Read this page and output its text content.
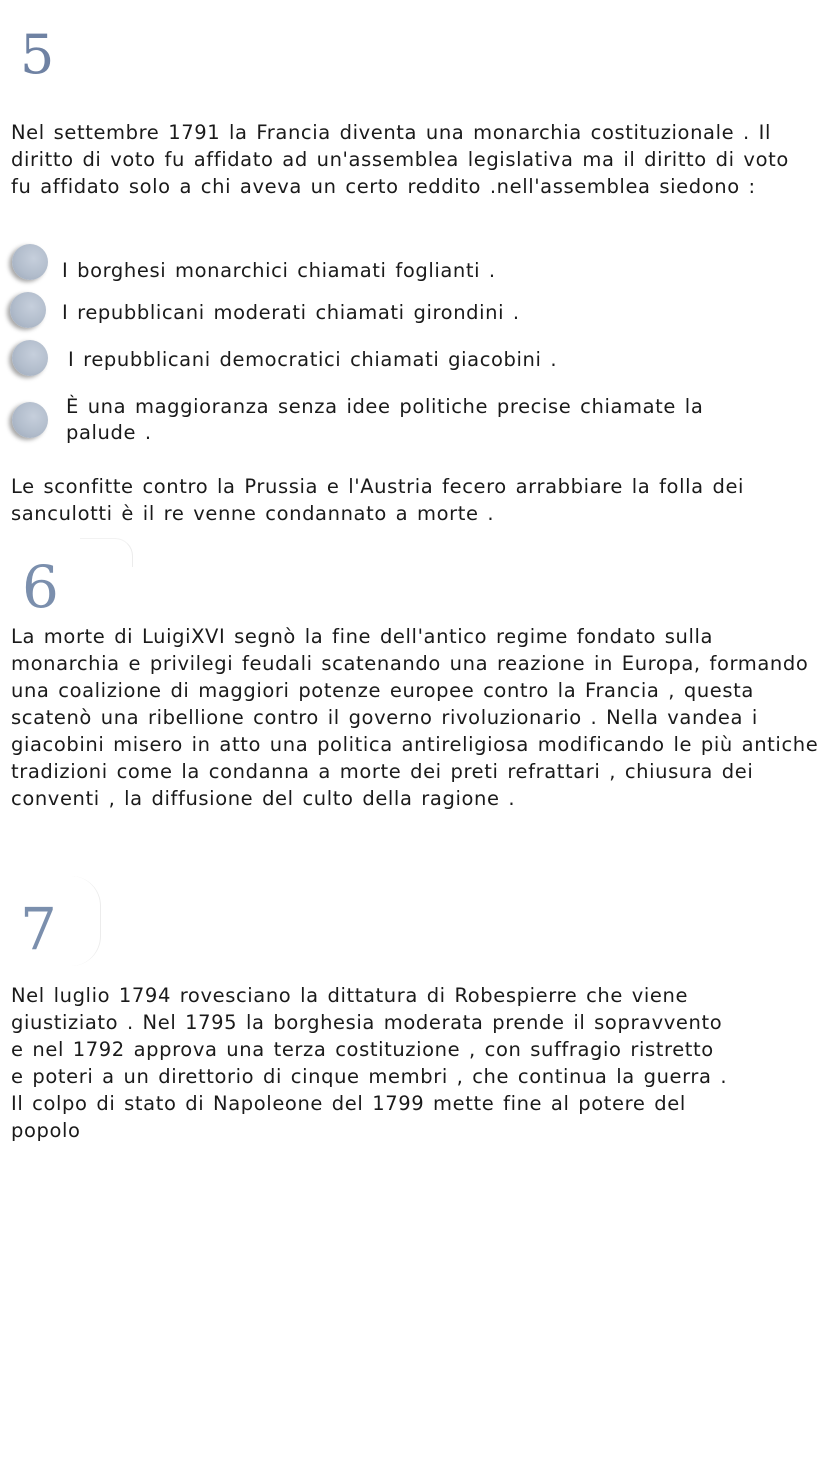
5

Nel settembre 1791 la Francia diventa una monarchia costituzionale . Il diritto di voto fu affidato ad un'assemblea legislativa ma il diritto di voto fu affidato solo a chi aveva un certo reddito .nell'assemblea siedono :

I borghesi monarchici chiamati foglianti .
I repubblicani moderati chiamati girondini .
I repubblicani democratici chiamati giacobini .
È una maggioranza senza idee politiche precise chiamate la palude .

Le sconfitte contro la Prussia e l'Austria fecero arrabbiare la folla dei sanculotti è il re venne condannato a morte .

6

La morte di LuigiXVI segnò la fine dell'antico regime fondato sulla monarchia e privilegi feudali scatenando una reazione in Europa, formando una coalizione di maggiori potenze europee contro la Francia , questa scatenò una ribellione contro il governo rivoluzionario . Nella vandea i giacobini misero in atto una politica antireligiosa modificando le più antiche tradizioni come la condanna a morte dei preti refrattari , chiusura dei conventi , la diffusione del culto della ragione .

7

Nel luglio 1794 rovesciano la dittatura di Robespierre che viene giustiziato . Nel 1795 la borghesia moderata prende il sopravvento e nel 1792 approva una terza costituzione , con suffragio ristretto e poteri a un direttorio di cinque membri , che continua la guerra . Il colpo di stato di Napoleone del 1799 mette fine al potere del popolo
